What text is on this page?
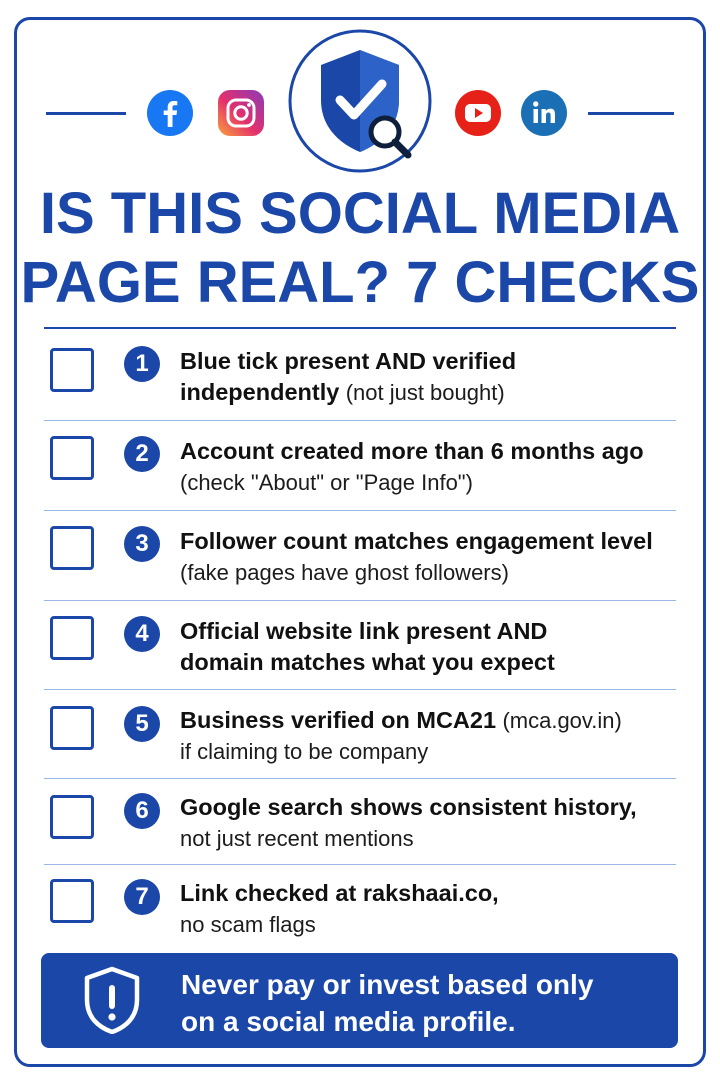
IS THIS SOCIAL MEDIA
PAGE REAL? 7 CHECKS
1	Blue tick present AND verified
independently (not just bought)
2	Account created more than 6 months ago
(check "About" or "Page Info")
3	Follower count matches engagement level
(fake pages have ghost followers)
4	Official website link present AND
domain matches what you expect
5	Business verified on MCA21 (mca.gov.in)
if claiming to be company
6	Google search shows consistent history,
not just recent mentions
7	Link checked at rakshaai.co,
no scam flags
Never pay or invest based only
on a social media profile.
